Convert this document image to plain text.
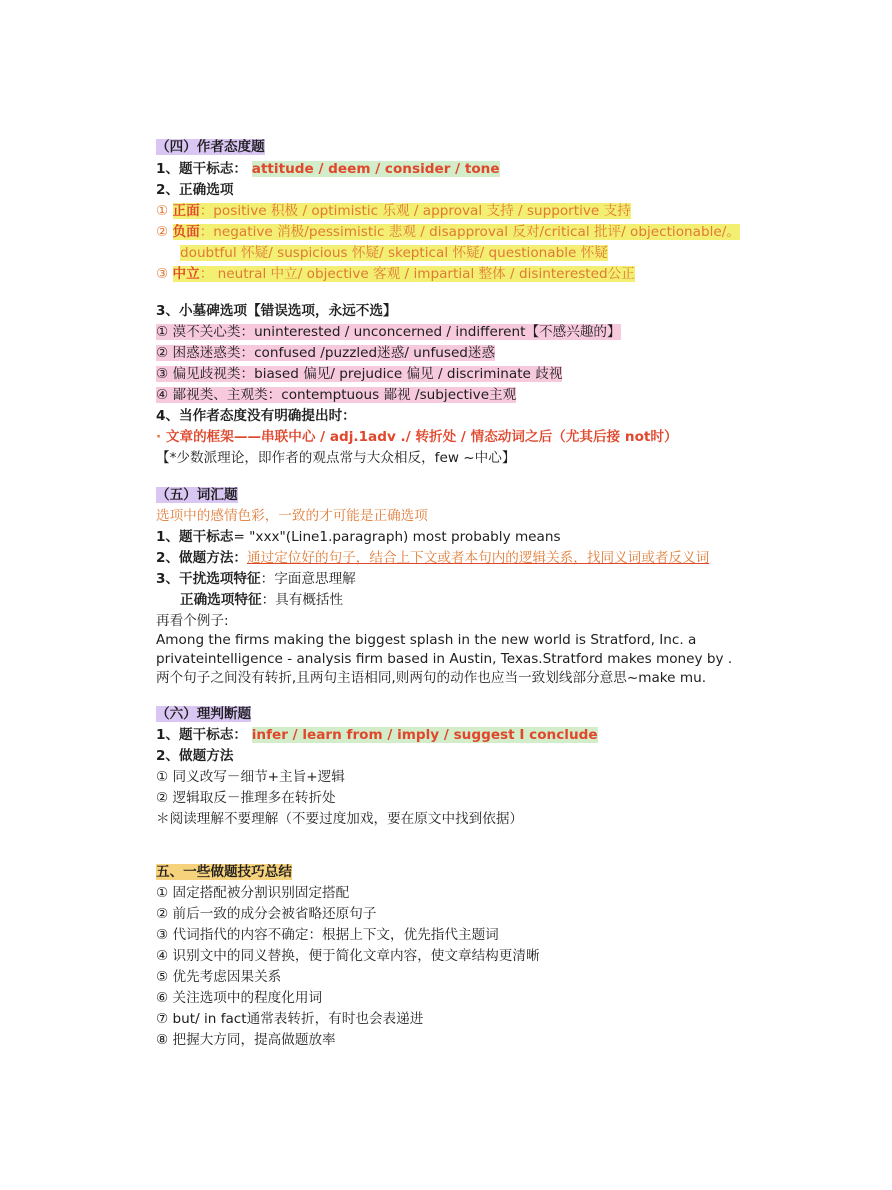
（四）作者态度题
1、题干标志： attitude / deem / consider / tone
2、正确选项
① 正面：positive 积极 / optimistic 乐观 / approval 支持 / supportive 支持
② 负面：negative 消极/pessimistic 悲观 / disapproval 反对/critical 批评/ objectionable/。
doubtful 怀疑/ suspicious 怀疑/ skeptical 怀疑/ questionable 怀疑
③ 中立： neutral 中立/ objective 客观 / impartial 整体 / disinterested公正
3、小墓碑选项【错误选项，永远不选】
① 漠不关心类：uninterested / unconcerned / indifferent【不感兴趣的】
② 困惑迷惑类：confused /puzzled迷惑/ unfused迷惑
③ 偏见歧视类：biased 偏见/ prejudice 偏见 / discriminate 歧视
④ 鄙视类、主观类：contemptuous 鄙视 /subjective主观
4、当作者态度没有明确提出时：
· 文章的框架——串联中心 / adj.1adv ./ 转折处 / 情态动词之后（尤其后接 not时）
【*少数派理论，即作者的观点常与大众相反，few ~中心】
（五）词汇题
选项中的感情色彩，一致的才可能是正确选项
1、题干标志= "xxx"(Line1.paragraph) most probably means
2、做题方法：通过定位好的句子，结合上下文或者本句内的逻辑关系，找同义词或者反义词
3、干扰选项特征：字面意思理解
正确选项特征：具有概括性
再看个例子:
Among the firms making the biggest splash in the new world is Stratford, Inc. a
privateintelligence - analysis firm based in Austin, Texas.Stratford makes money by .
两个句子之间没有转折,且两句主语相同,则两句的动作也应当一致划线部分意思~make mu.
（六）理判断题
1、题干标志： infer / learn from / imply / suggest I conclude
2、做题方法
① 同义改写－细节+主旨+逻辑
② 逻辑取反－推理多在转折处
＊阅读理解不要理解（不要过度加戏，要在原文中找到依据）
五、一些做题技巧总结
① 固定搭配被分割识别固定搭配
② 前后一致的成分会被省略还原句子
③ 代词指代的内容不确定：根据上下文，优先指代主题词
④ 识别文中的同义替换，便于简化文章内容，使文章结构更清晰
⑤ 优先考虑因果关系
⑥ 关注选项中的程度化用词
⑦ but/ in fact通常表转折，有时也会表递进
⑧ 把握大方同，提高做题放率
